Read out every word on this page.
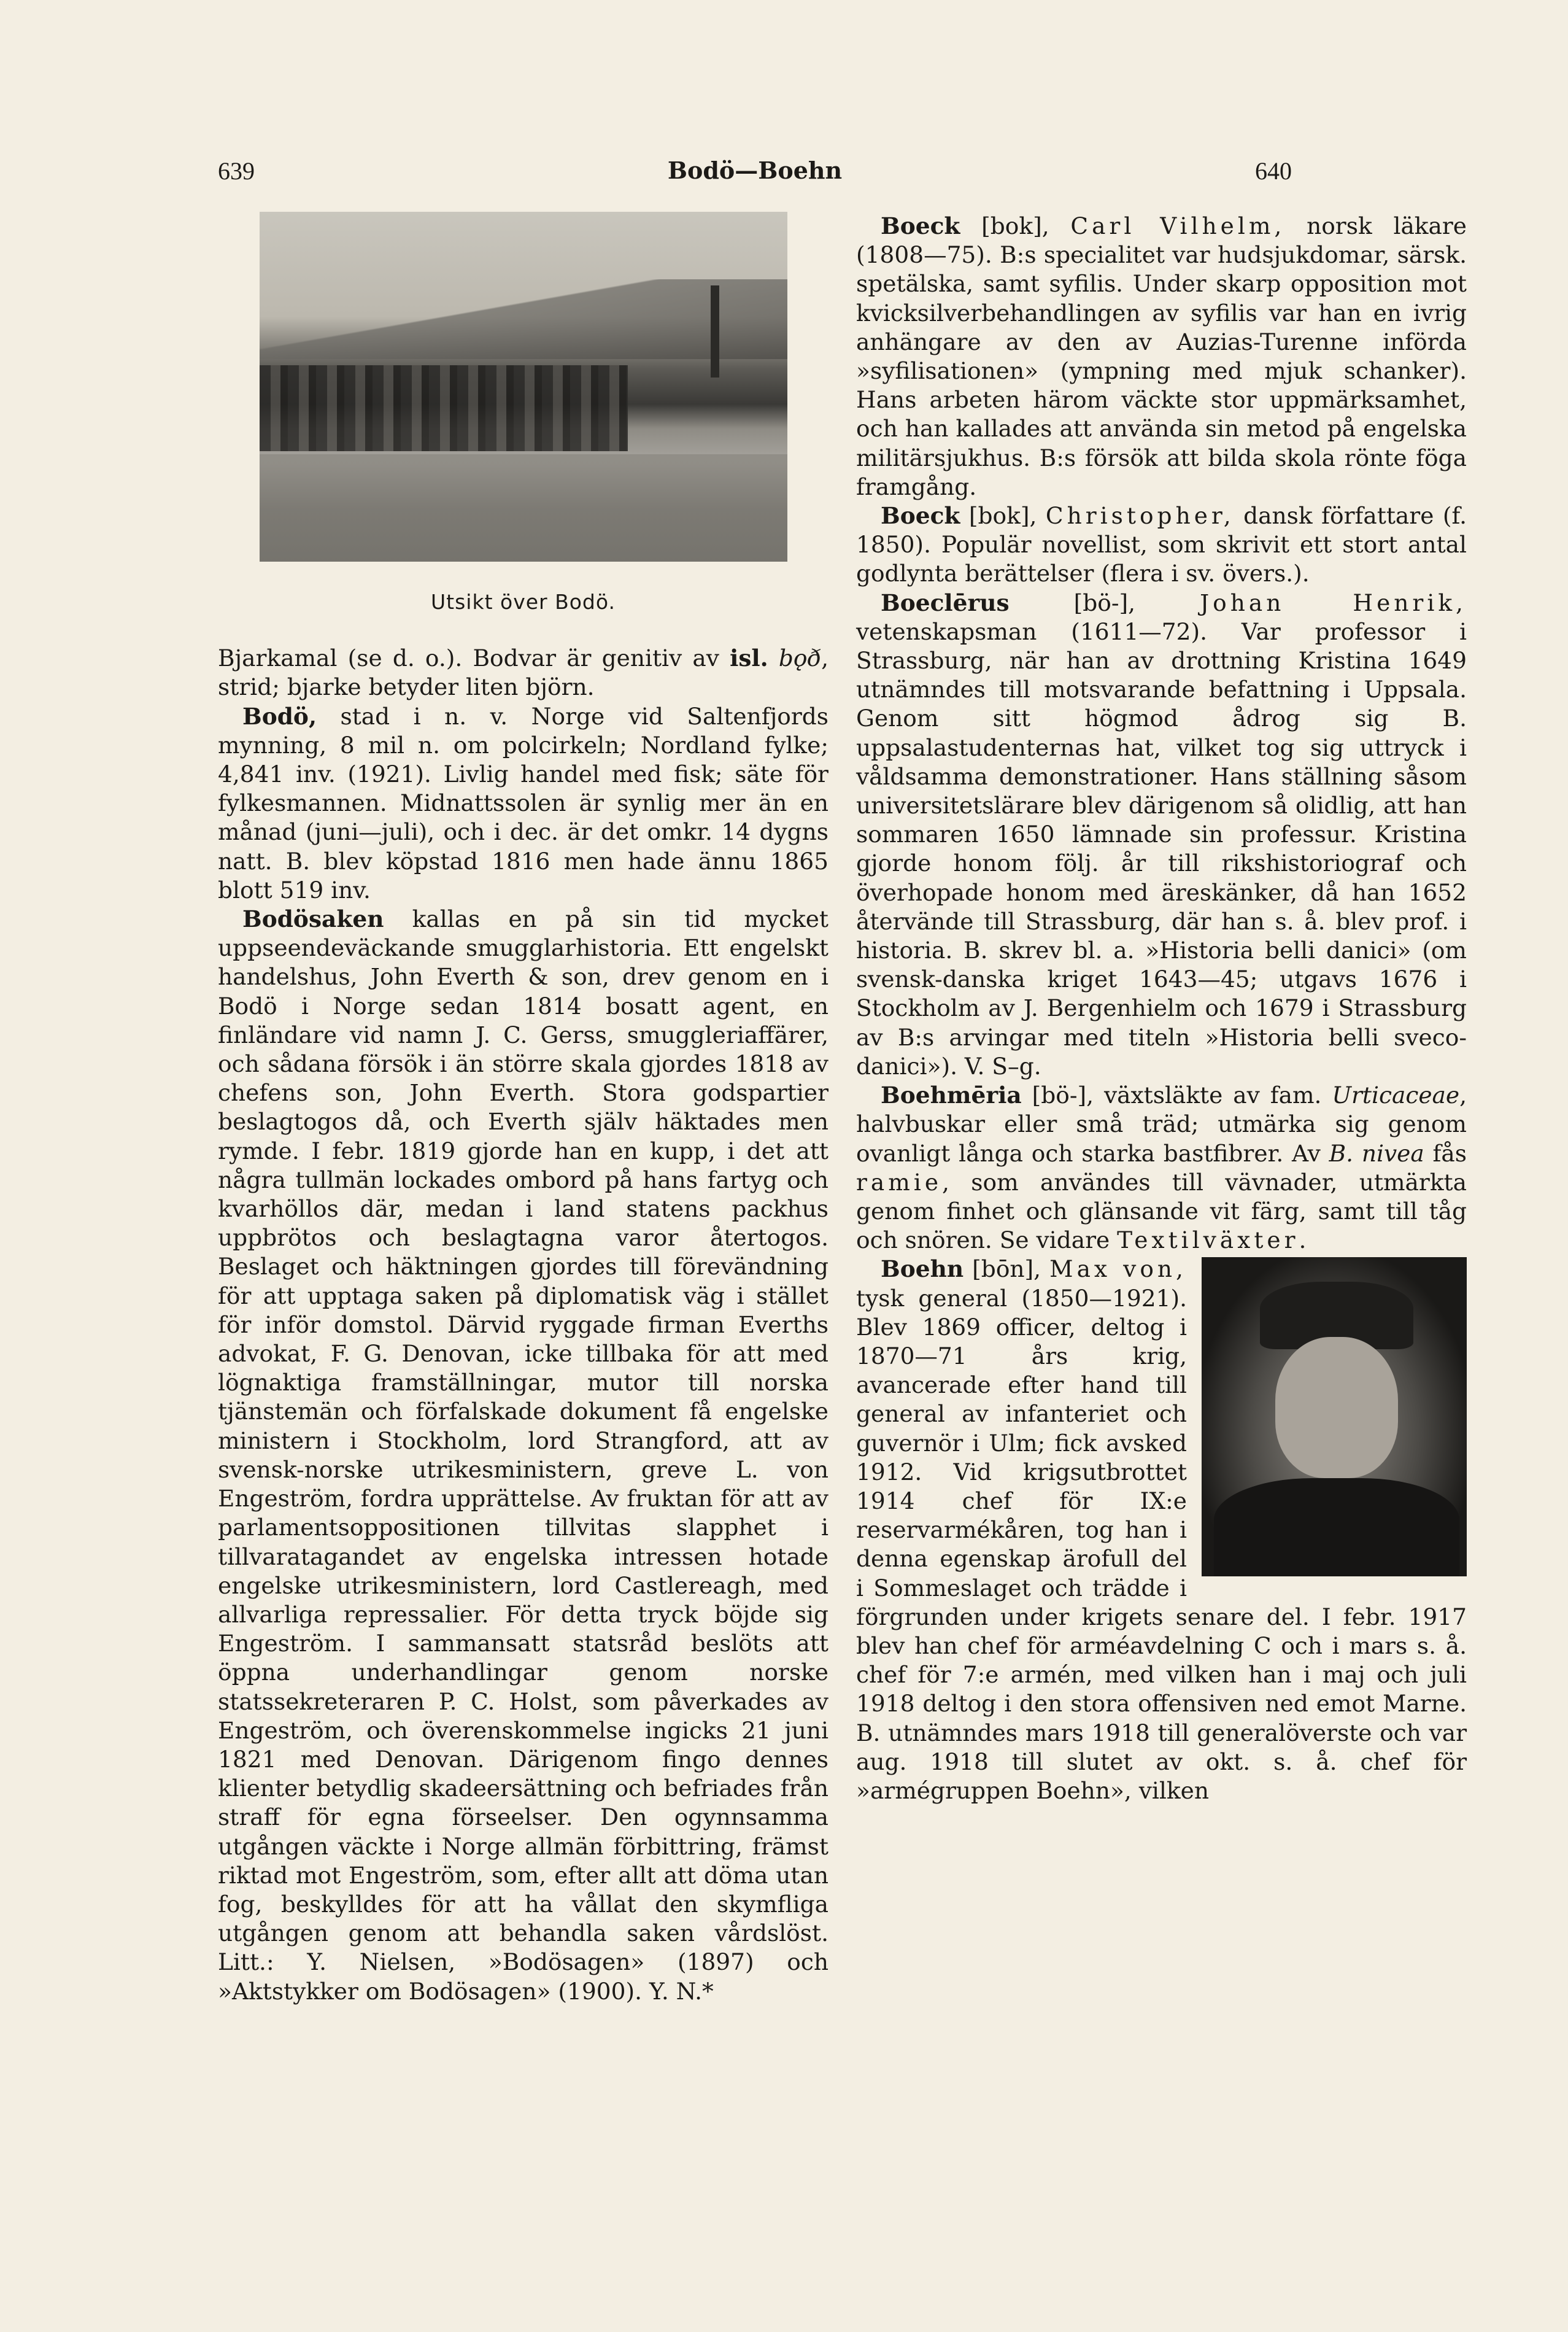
639	Bodö—Boehn	640
Utsikt över Bodö.

Bjarkamal (se d. o.). Bodvar är genitiv av isl. bǫð, strid; bjarke betyder liten björn.

Bodö, stad i n. v. Norge vid Saltenfjords mynning, 8 mil n. om polcirkeln; Nordland fylke; 4,841 inv. (1921). Livlig handel med fisk; säte för fylkesmannen. Midnattssolen är synlig mer än en månad (juni—juli), och i dec. är det omkr. 14 dygns natt. B. blev köpstad 1816 men hade ännu 1865 blott 519 inv.

Bodösaken kallas en på sin tid mycket uppseendeväckande smugglarhistoria. Ett engelskt handelshus, John Everth & son, drev genom en i Bodö i Norge sedan 1814 bosatt agent, en finländare vid namn J. C. Gerss, smuggleriaffärer, och sådana försök i än större skala gjordes 1818 av chefens son, John Everth. Stora godspartier beslagtogos då, och Everth själv häktades men rymde. I febr. 1819 gjorde han en kupp, i det att några tullmän lockades ombord på hans fartyg och kvarhöllos där, medan i land statens packhus uppbrötos och beslagtagna varor återtogos. Beslaget och häktningen gjordes till förevändning för att upptaga saken på diplomatisk väg i stället för inför domstol. Därvid ryggade firman Everths advokat, F. G. Denovan, icke tillbaka för att med lögnaktiga framställningar, mutor till norska tjänstemän och förfalskade dokument få engelske ministern i Stockholm, lord Strangford, att av svensk-norske utrikesministern, greve L. von Engeström, fordra upprättelse. Av fruktan för att av parlamentsoppositionen tillvitas slapphet i tillvaratagandet av engelska intressen hotade engelske utrikesministern, lord Castlereagh, med allvarliga repressalier. För detta tryck böjde sig Engeström. I sammansatt statsråd beslöts att öppna underhandlingar genom norske statssekreteraren P. C. Holst, som påverkades av Engeström, och överenskommelse ingicks 21 juni 1821 med Denovan. Därigenom fingo dennes klienter betydlig skadeersättning och befriades från straff för egna förseelser. Den ogynnsamma utgången väckte i Norge allmän förbittring, främst riktad mot Engeström, som, efter allt att döma utan fog, beskylldes för att ha vållat den skymfliga utgången genom att behandla saken vårdslöst. Litt.: Y. Nielsen, »Bodösagen» (1897) och »Aktstykker om Bodösagen» (1900). Y. N.*

Boeck [bok], Carl Vilhelm, norsk läkare (1808—75). B:s specialitet var hudsjukdomar, särsk. spetälska, samt syfilis. Under skarp opposition mot kvicksilverbehandlingen av syfilis var han en ivrig anhängare av den av Auzias-Turenne införda »syfilisationen» (ympning med mjuk schanker). Hans arbeten härom väckte stor uppmärksamhet, och han kallades att använda sin metod på engelska militärsjukhus. B:s försök att bilda skola rönte föga framgång.

Boeck [bok], Christopher, dansk författare (f. 1850). Populär novellist, som skrivit ett stort antal godlynta berättelser (flera i sv. övers.).

Boeclērus [bö-], Johan Henrik, vetenskapsman (1611—72). Var professor i Strassburg, när han av drottning Kristina 1649 utnämndes till motsvarande befattning i Uppsala. Genom sitt högmod ådrog sig B. uppsalastudenternas hat, vilket tog sig uttryck i våldsamma demonstrationer. Hans ställning såsom universitetslärare blev därigenom så olidlig, att han sommaren 1650 lämnade sin professur. Kristina gjorde honom följ. år till rikshistoriograf och överhopade honom med äreskänker, då han 1652 återvände till Strassburg, där han s. å. blev prof. i historia. B. skrev bl. a. »Historia belli danici» (om svensk-danska kriget 1643—45; utgavs 1676 i Stockholm av J. Bergenhielm och 1679 i Strassburg av B:s arvingar med titeln »Historia belli sveco-danici»). V. S–g.

Boehmēria [bö-], växtsläkte av fam. Urticaceae, halvbuskar eller små träd; utmärka sig genom ovanligt långa och starka bastfibrer. Av B. nivea fås ramie, som användes till vävnader, utmärkta genom finhet och glänsande vit färg, samt till tåg och snören. Se vidare Textilväxter.

Boehn [bōn], Max von,
tysk general (1850—1921). Blev 1869 officer, deltog i 1870—71 års krig, avancerade efter hand till general av infanteriet och guvernör i Ulm; fick avsked 1912. Vid krigsutbrottet 1914 chef för IX:e reservarmékåren, tog han i denna egenskap ärofull del i Sommeslaget och trädde i förgrunden under krigets senare del. I febr. 1917 blev han chef för arméavdelning C och i mars s. å. chef för 7:e armén, med vilken han i maj och juli 1918 deltog i den stora offensiven ned emot Marne. B. utnämndes mars 1918 till generalöverste och var aug. 1918 till slutet av okt. s. å. chef för »armégruppen Boehn», vilken
